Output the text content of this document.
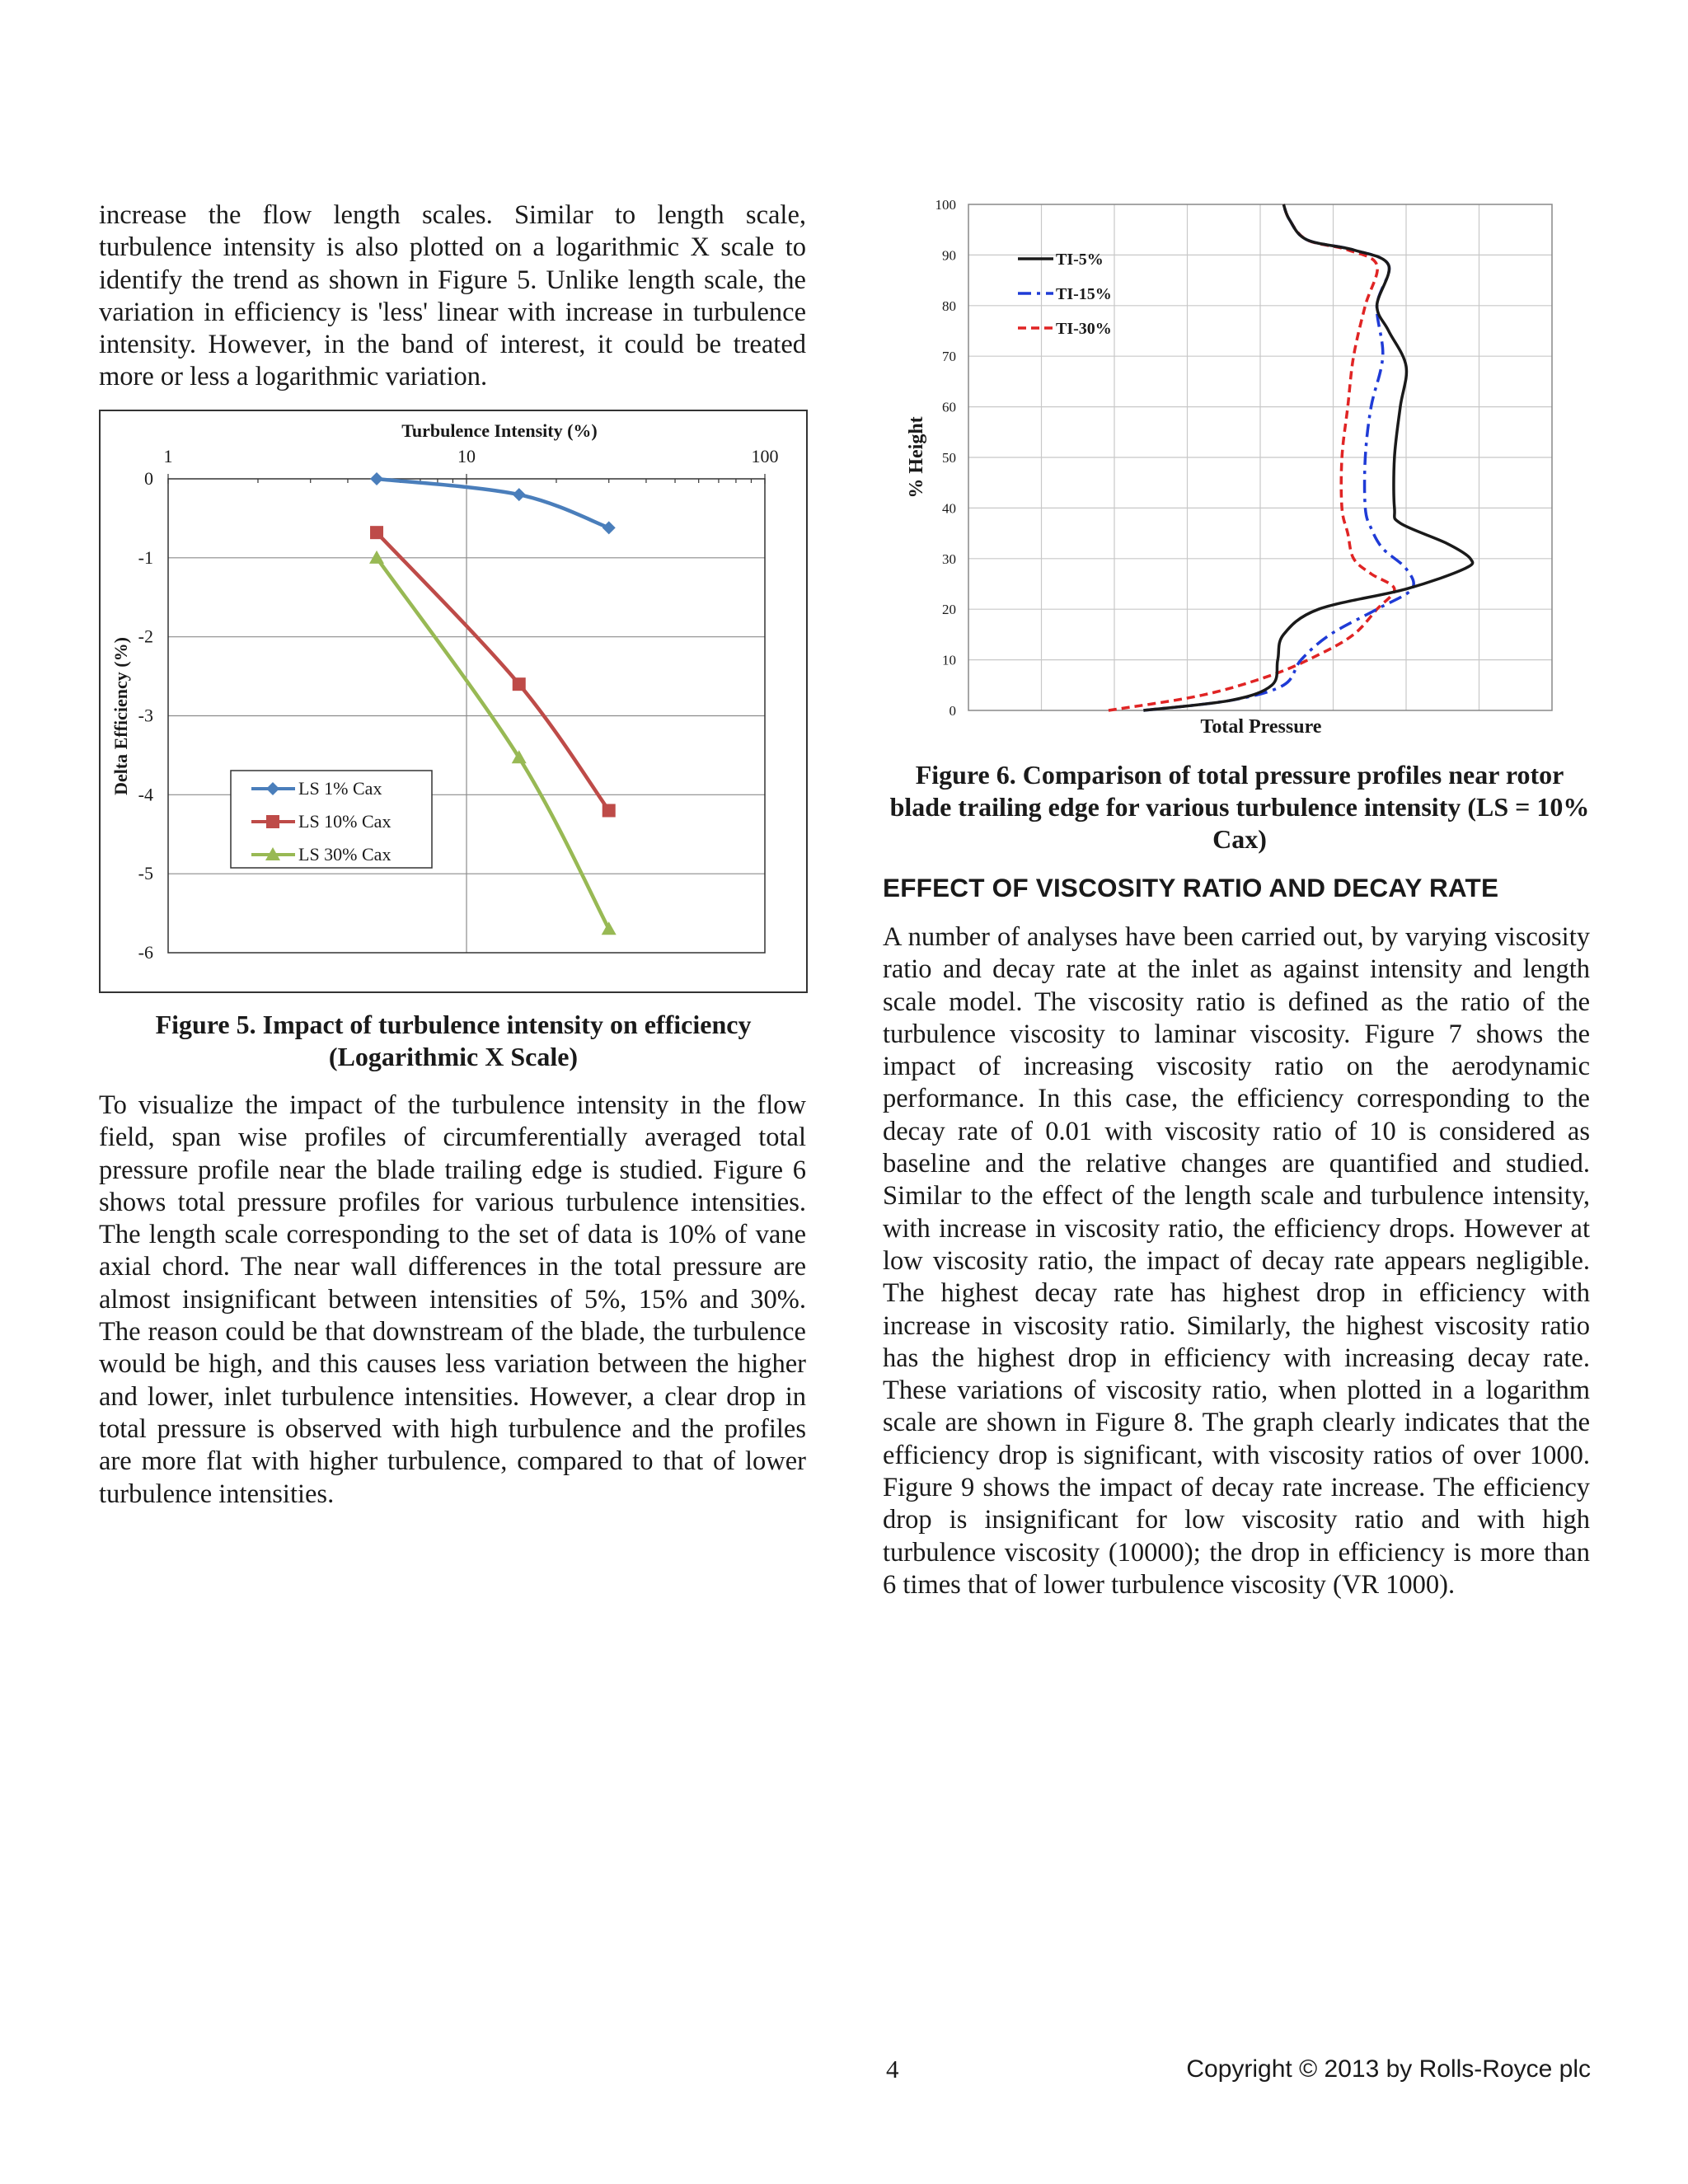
increase the flow length scales. Similar to length scale, turbulence intensity is also plotted on a logarithmic X scale to identify the trend as shown in Figure 5. Unlike length scale, the variation in efficiency is 'less' linear with increase in turbulence intensity. However, in the band of interest, it could be treated more or less a logarithmic variation.

Turbulence Intensity (%)
1	10	100
0
-1
-2
-3
-4
-5
-6
Delta Efficiency (%)	LS 1% Cax
LS 10% Cax
LS 30% Cax

Figure 5. Impact of turbulence intensity on efficiency (Logarithmic X Scale)

To visualize the impact of the turbulence intensity in the flow field, span wise profiles of circumferentially averaged total pressure profile near the blade trailing edge is studied. Figure 6 shows total pressure profiles for various turbulence intensities. The length scale corresponding to the set of data is 10% of vane axial chord. The near wall differences in the total pressure are almost insignificant between intensities of 5%, 15% and 30%. The reason could be that downstream of the blade, the turbulence would be high, and this causes less variation between the higher and lower, inlet turbulence intensities. However, a clear drop in total pressure is observed with high turbulence and the profiles are more flat with higher turbulence, compared to that of lower turbulence intensities.

0
10
20
30
40
50
60
70
80
90
100
% Height
Total Pressure
TI-5%
TI-15%
TI-30%

Figure 6. Comparison of total pressure profiles near rotor blade trailing edge for various turbulence intensity (LS = 10% Cax)

EFFECT OF VISCOSITY RATIO AND DECAY RATE

A number of analyses have been carried out, by varying viscosity ratio and decay rate at the inlet as against intensity and length scale model. The viscosity ratio is defined as the ratio of the turbulence viscosity to laminar viscosity. Figure 7 shows the impact of increasing viscosity ratio on the aerodynamic performance. In this case, the efficiency corresponding to the decay rate of 0.01 with viscosity ratio of 10 is considered as baseline and the relative changes are quantified and studied. Similar to the effect of the length scale and turbulence intensity, with increase in viscosity ratio, the efficiency drops. However at low viscosity ratio, the impact of decay rate appears negligible. The highest decay rate has highest drop in efficiency with increase in viscosity ratio. Similarly, the highest viscosity ratio has the highest drop in efficiency with increasing decay rate. These variations of viscosity ratio, when plotted in a logarithm scale are shown in Figure 8. The graph clearly indicates that the efficiency drop is significant, with viscosity ratios of over 1000. Figure 9 shows the impact of decay rate increase. The efficiency drop is insignificant for low viscosity ratio and with high turbulence viscosity (10000); the drop in efficiency is more than 6 times that of lower turbulence viscosity (VR 1000).

4	Copyright © 2013 by Rolls-Royce plc
